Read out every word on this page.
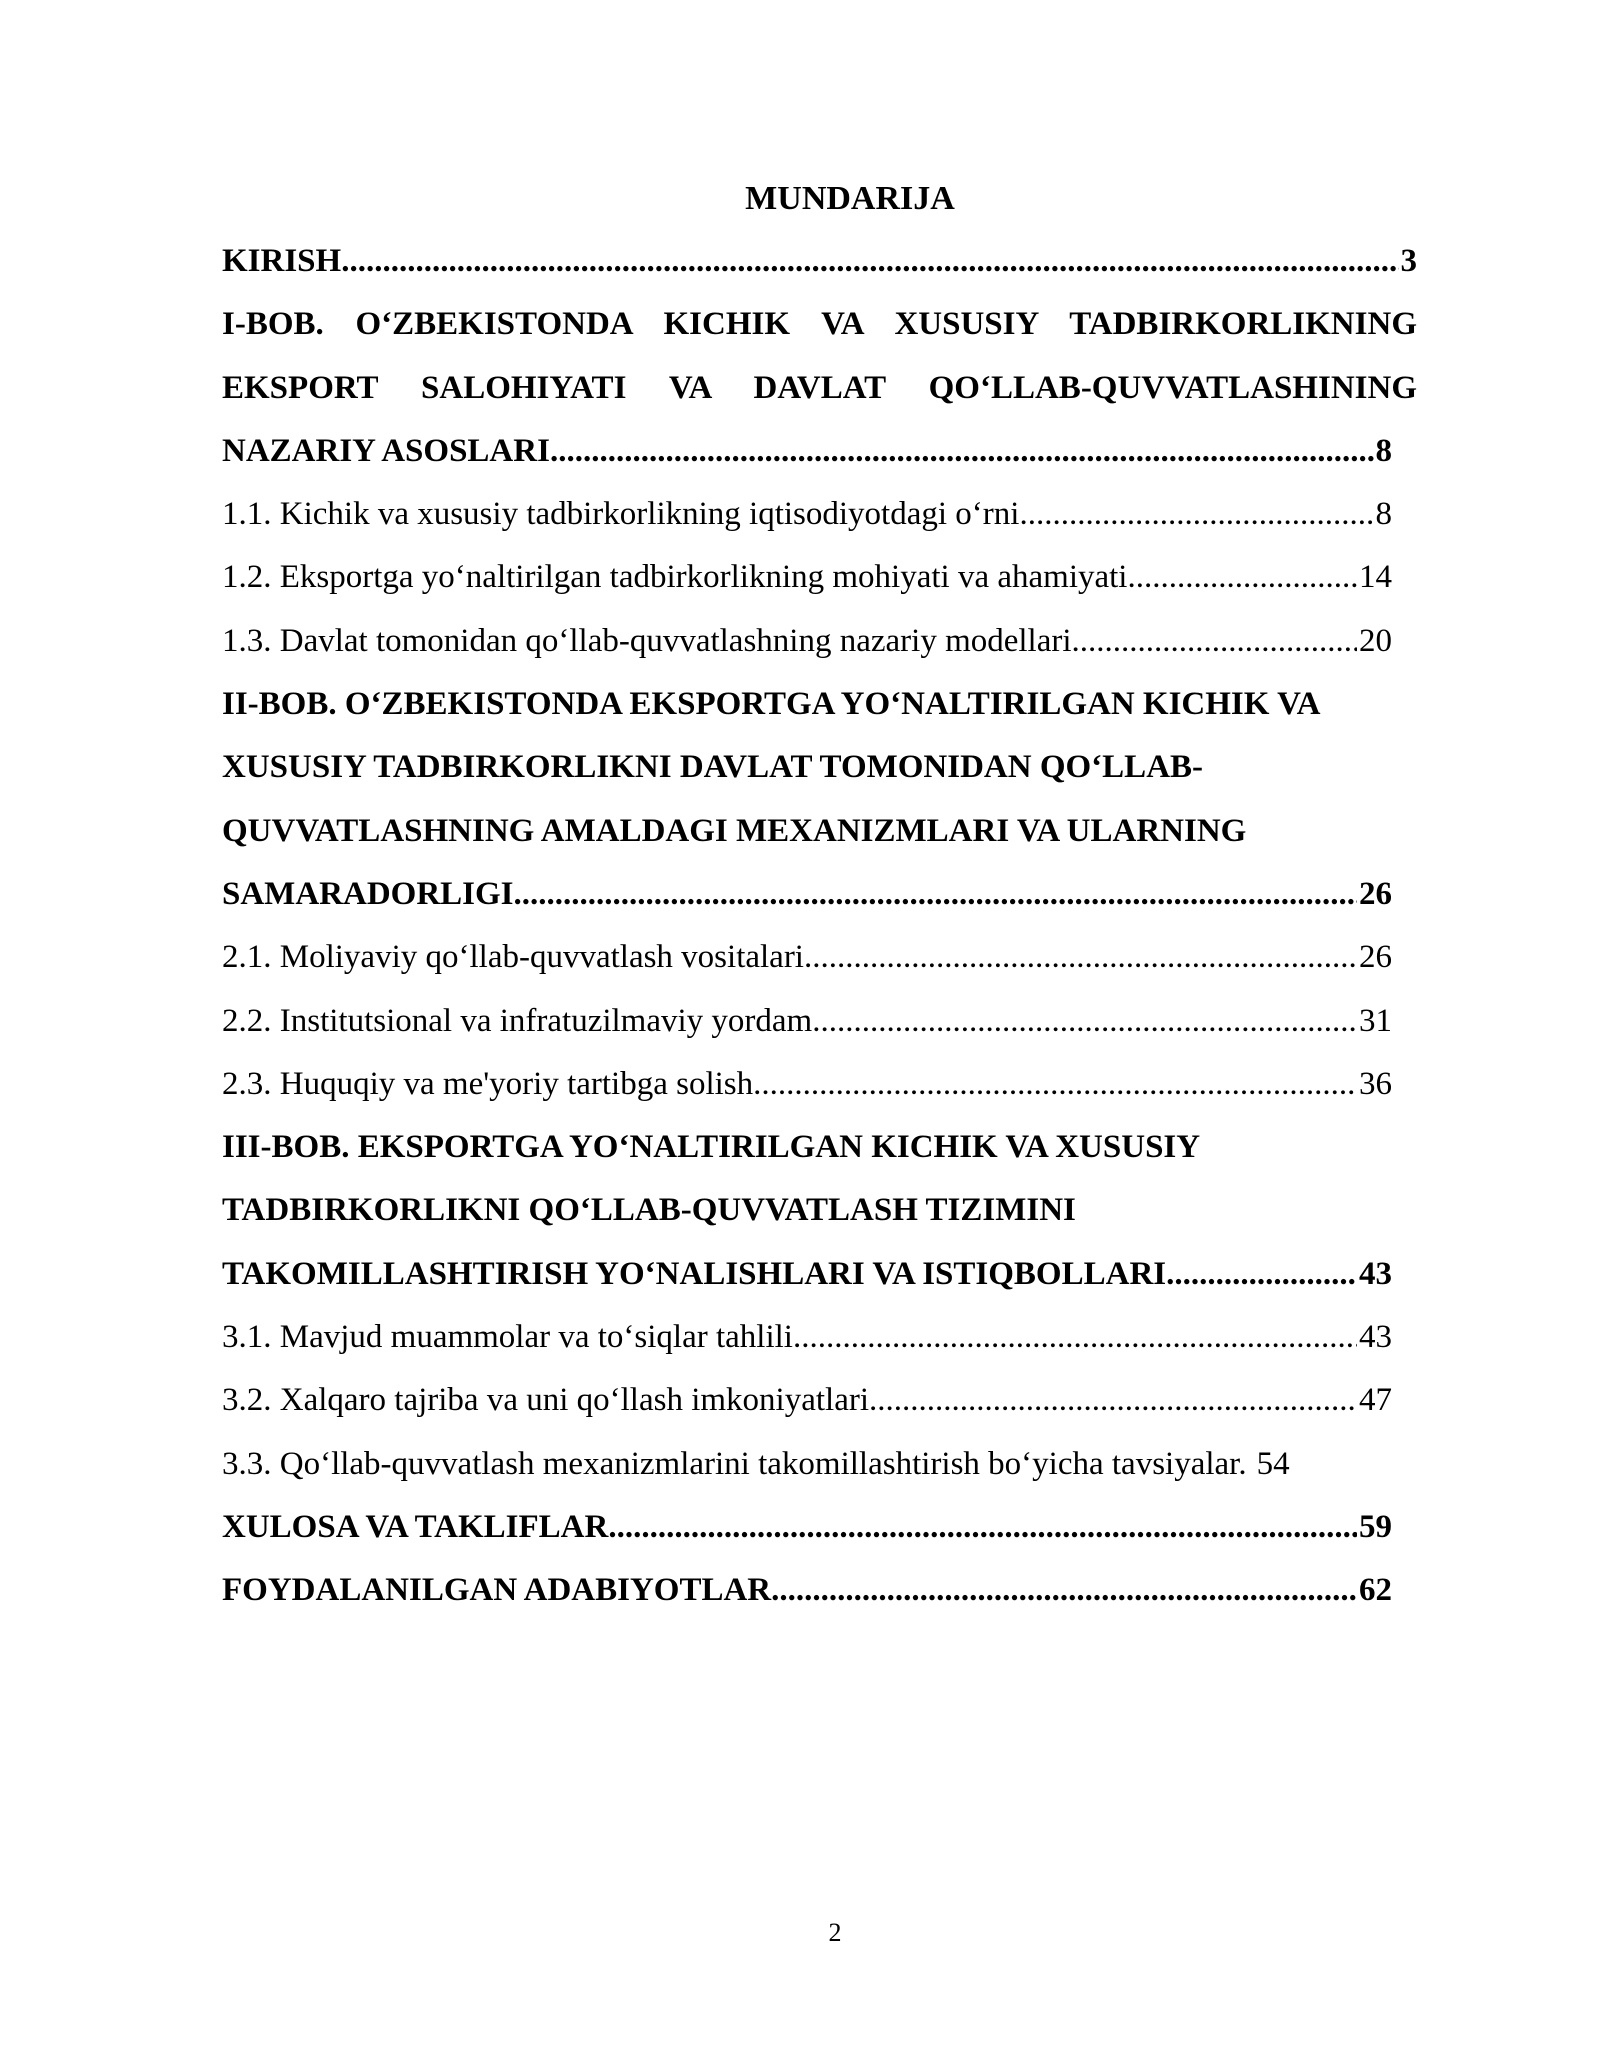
MUNDARIJA
KIRISH .....	3
I-BOB. O‘ZBEKISTONDA KICHIK VA XUSUSIY TADBIRKORLIKNING
EKSPORT SALOHIYATI VA DAVLAT QO‘LLAB-QUVVATLASHINING
NAZARIY ASOSLARI .....	8
1.1. Kichik va xususiy tadbirkorlikning iqtisodiyotdagi o‘rni .....	8
1.2. Eksportga yo‘naltirilgan tadbirkorlikning mohiyati va ahamiyati .....	14
1.3. Davlat tomonidan qo‘llab-quvvatlashning nazariy modellari .....	20
II-BOB. O‘ZBEKISTONDA EKSPORTGA YO‘NALTIRILGAN KICHIK VA
XUSUSIY TADBIRKORLIKNI DAVLAT TOMONIDAN QO‘LLAB-
QUVVATLASHNING AMALDAGI MEXANIZMLARI VA ULARNING
SAMARADORLIGI .....	26
2.1. Moliyaviy qo‘llab-quvvatlash vositalari .....	26
2.2. Institutsional va infratuzilmaviy yordam .....	31
2.3. Huquqiy va me'yoriy tartibga solish .....	36
III-BOB. EKSPORTGA YO‘NALTIRILGAN KICHIK VA XUSUSIY
TADBIRKORLIKNI QO‘LLAB-QUVVATLASH TIZIMINI
TAKOMILLASHTIRISH YO‘NALISHLARI VA ISTIQBOLLARI .....	43
3.1. Mavjud muammolar va to‘siqlar tahlili .....	43
3.2. Xalqaro tajriba va uni qo‘llash imkoniyatlari .....	47
3.3. Qo‘llab-quvvatlash mexanizmlarini takomillashtirish bo‘yicha tavsiyalar. 54
XULOSA VA TAKLIFLAR .....	59
FOYDALANILGAN ADABIYOTLAR .....	62
2
